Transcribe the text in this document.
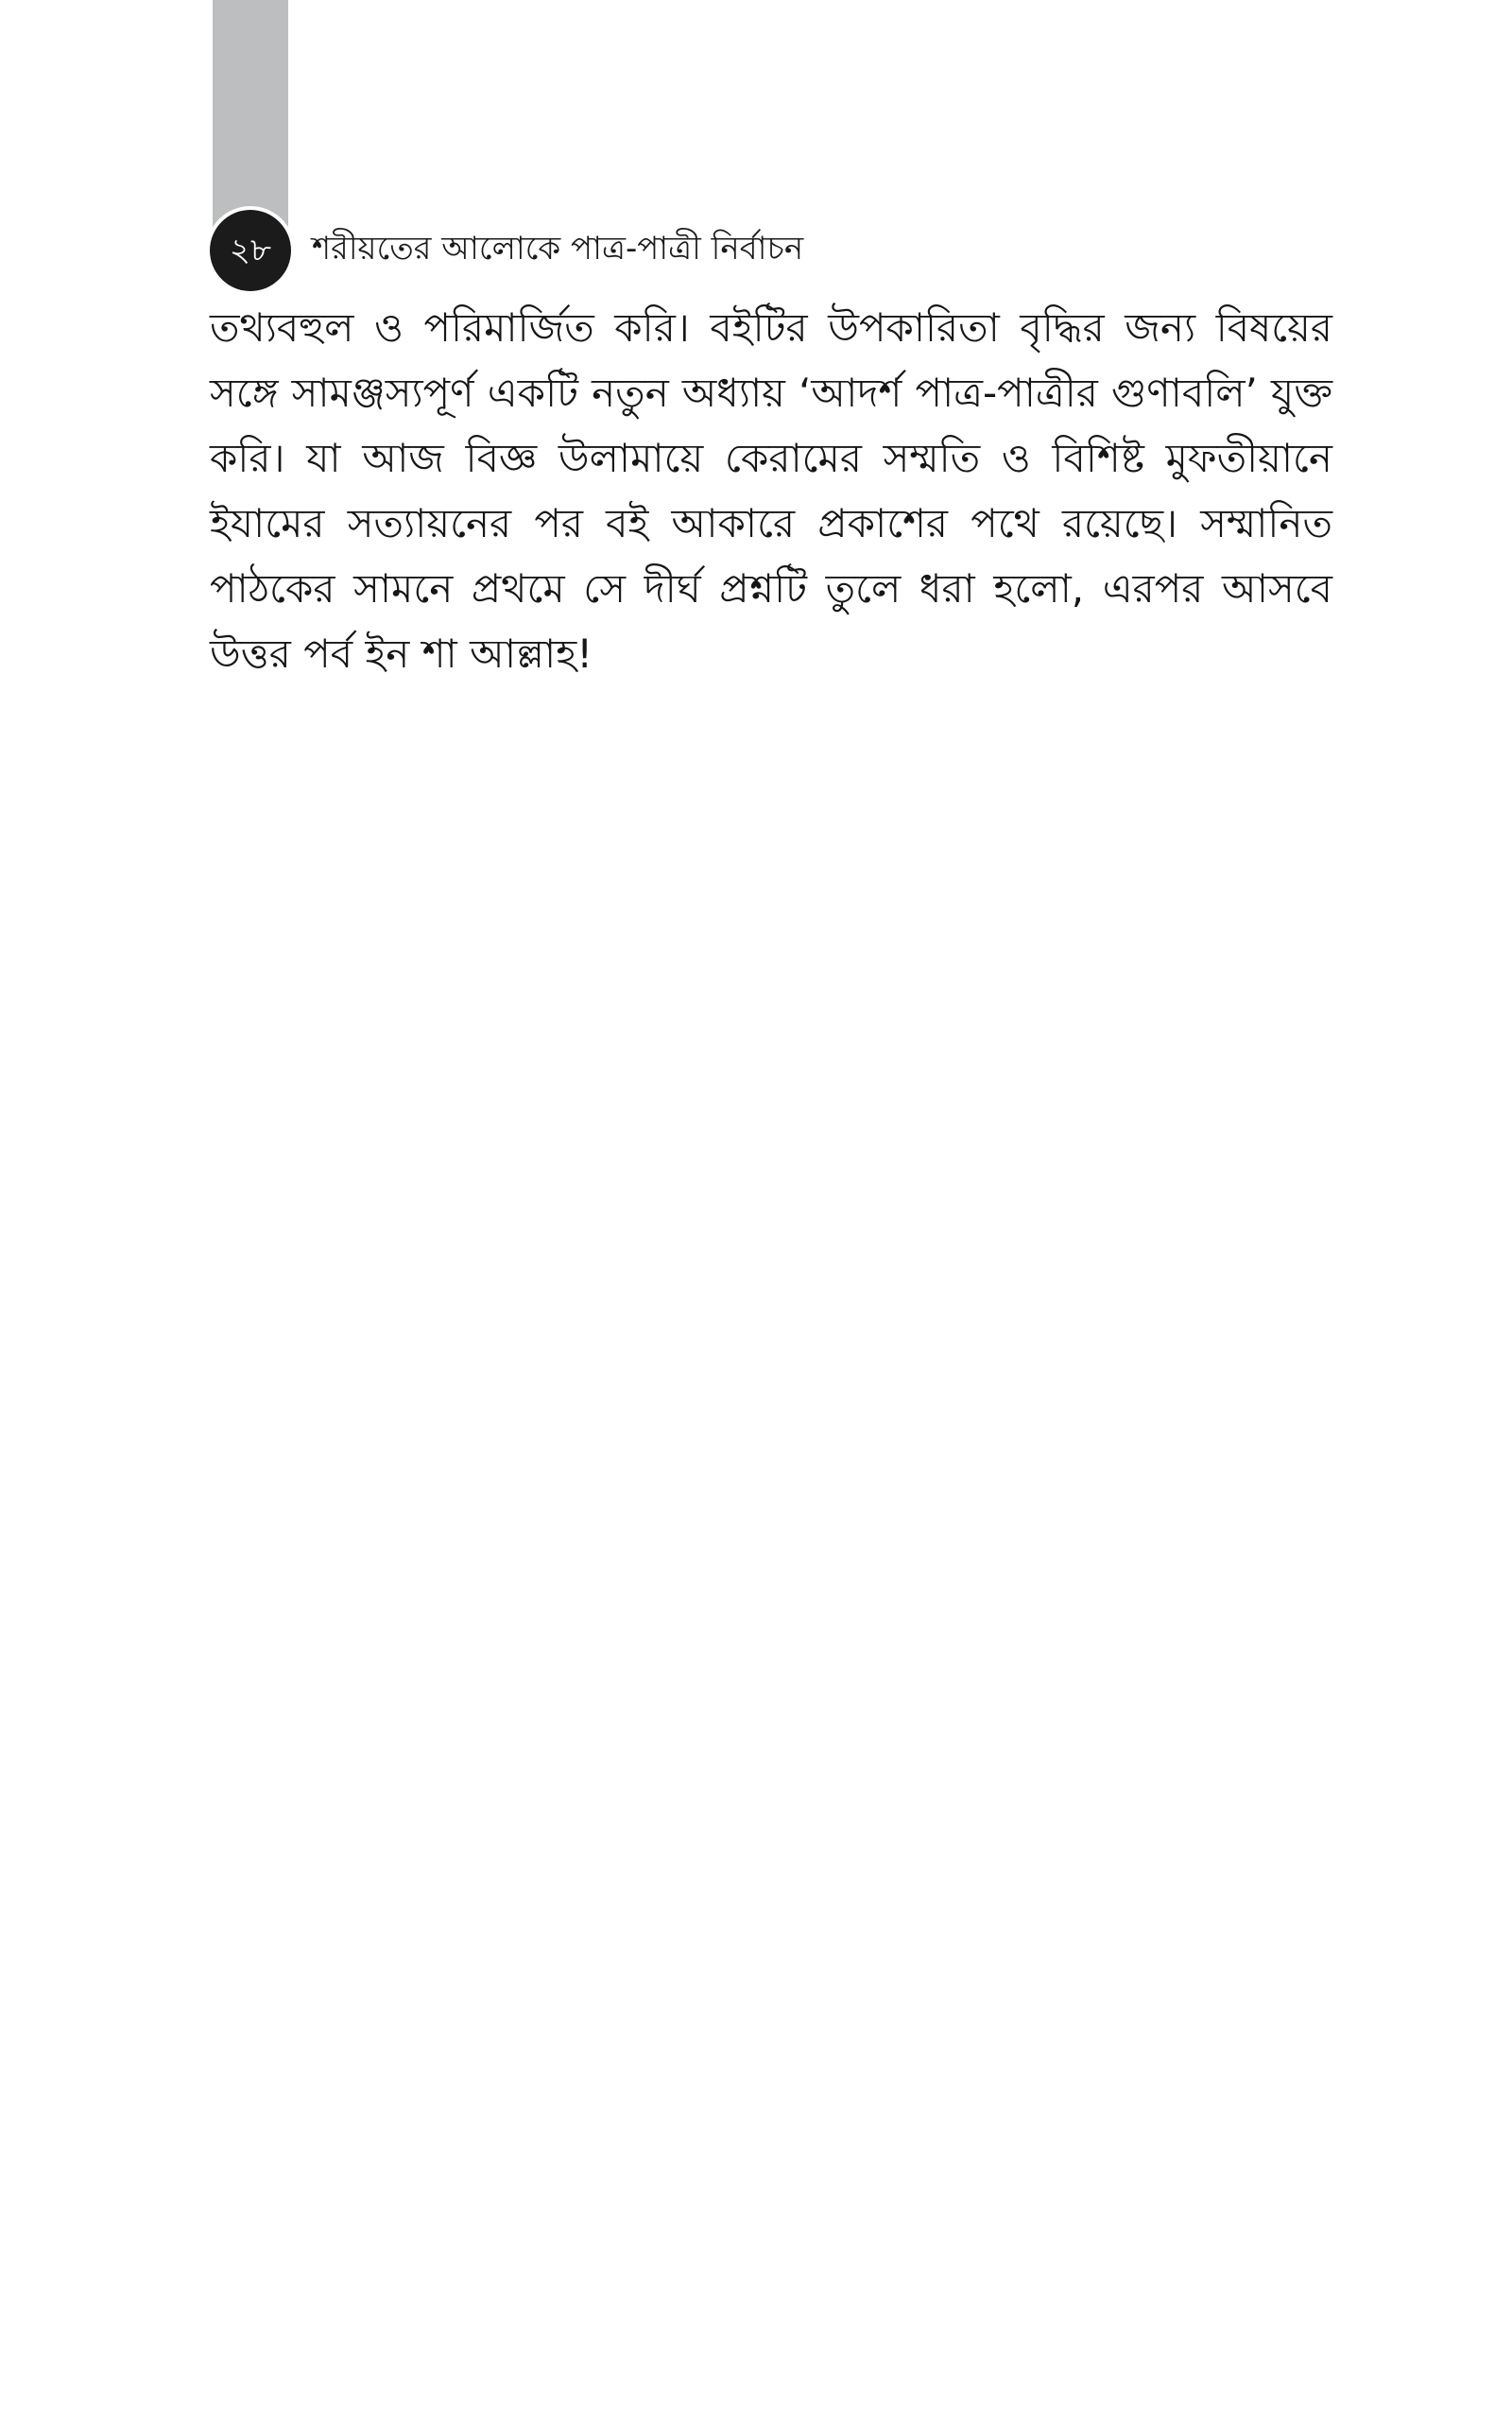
২৮	শরীয়তের আলোকে পাত্র-পাত্রী নির্বাচন

তথ্যবহুল ও পরিমার্জিত করি। বইটির উপকারিতা বৃদ্ধির জন্য বিষয়ের সঙ্গে সামঞ্জস্যপূর্ণ একটি নতুন অধ্যায় ‘আদর্শ পাত্র-পাত্রীর গুণাবলি’ যুক্ত করি। যা আজ বিজ্ঞ উলামায়ে কেরামের সম্মতি ও বিশিষ্ট মুফতীয়ানে ইযামের সত্যায়নের পর বই আকারে প্রকাশের পথে রয়েছে। সম্মানিত পাঠকের সামনে প্রথমে সে দীর্ঘ প্রশ্নটি তুলে ধরা হলো, এরপর আসবে উত্তর পর্ব ইন শা আল্লাহ!
